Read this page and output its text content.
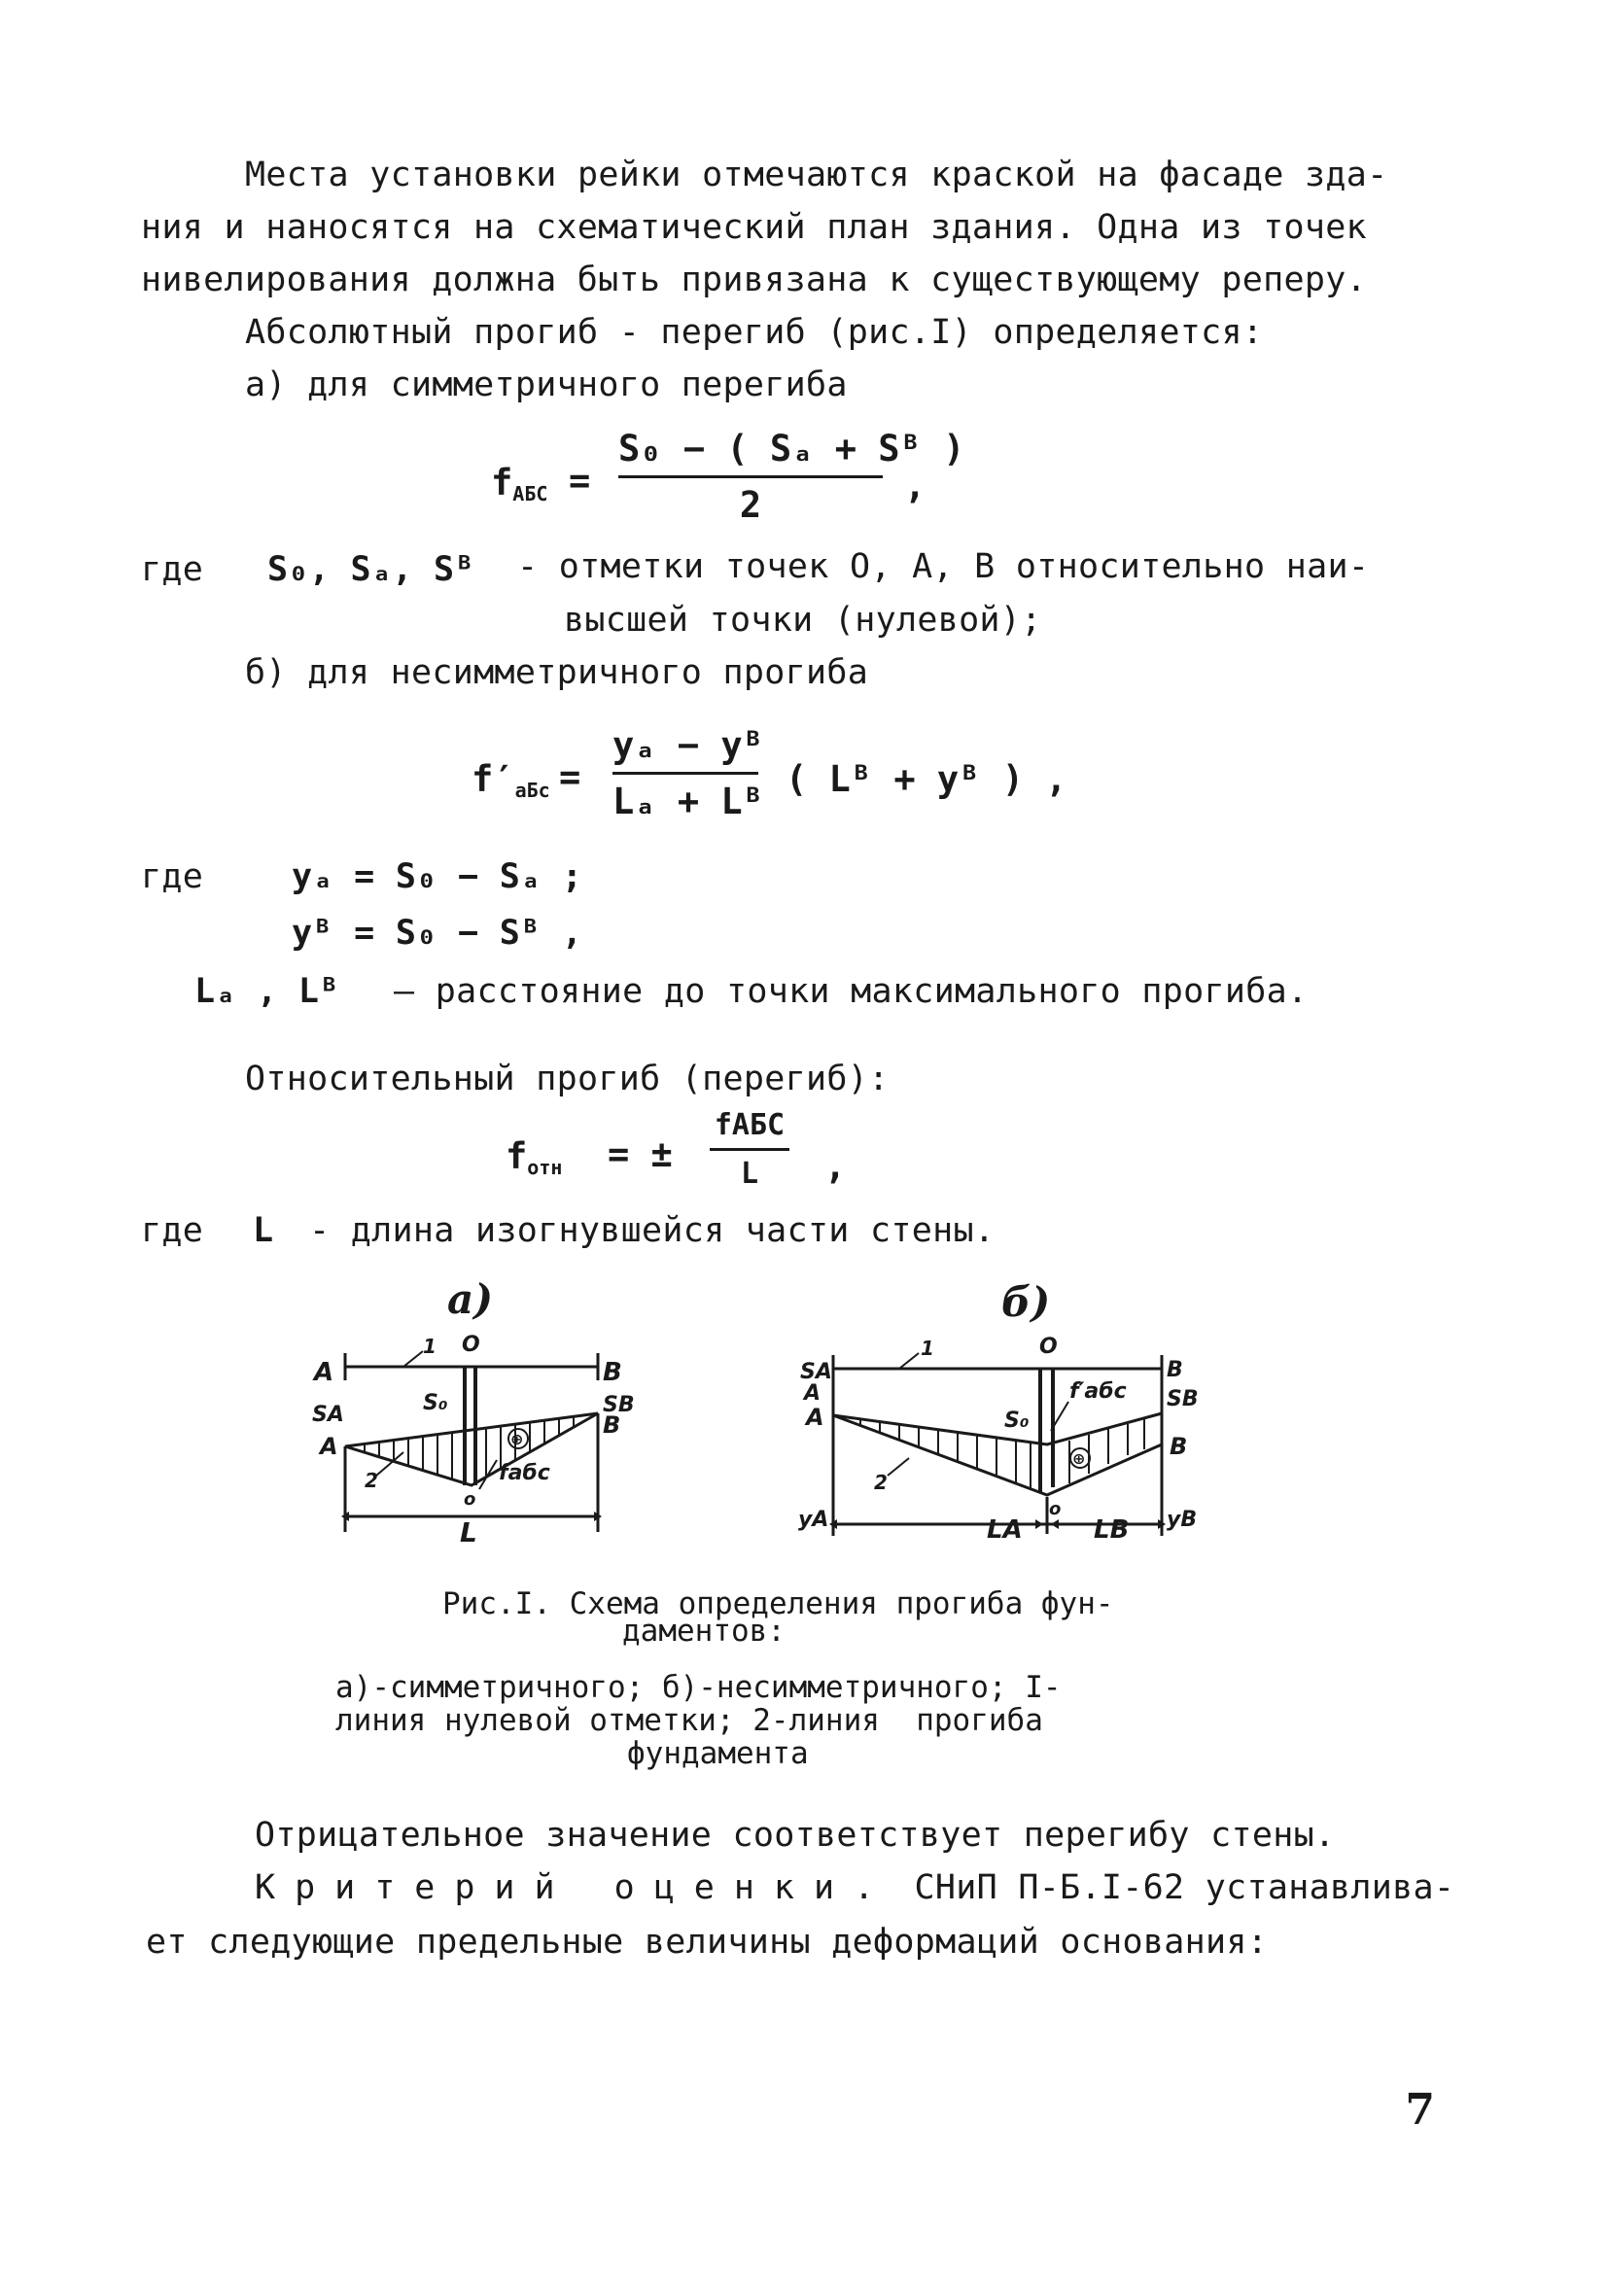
Места установки рейки отмечаются краской на фасаде зда-
ния и наносятся на схематический план здания. Одна из точек
нивелирования должна быть привязана к существующему реперу.
Абсолютный прогиб - перегиб (рис.I) определяется:
а) для симметричного перегиба
$f_{АБС} = \frac{\text{S₀ − ( Sₐ + Sᴮ )}}{2}$ ,
где S₀, Sₐ, Sᴮ - отметки точек O, A, B относительно наи-
высшей точки (нулевой);
б) для несимметричного прогиба
$f'_{аБс} = \frac{\text{yₐ − yᴮ}}{\text{Lₐ + Lᴮ}}$ ( Lᴮ + yᴮ ) ,
где	yₐ = S₀ − Sₐ ;
yᴮ = S₀ − Sᴮ ,
Lₐ , Lᴮ – расстояние до точки максимального прогиба.
Относительный прогиб (перегиб):
$f_{отн}$ = ±
fАБС
L	,
где L - длина изогнувшейся части стены.
а)	б)
A	B
O
1
SA	SB
S₀
A
B
2
o
⊕
fабс
L
SA
A
A
B
SB
B
1	O
2
S₀
f′абс
⊕
o
yA	yB
LA	LB
Рис.I. Схема определения прогиба фун-
даментов:
а)-симметричного; б)-несимметричного; I-
линия нулевой отметки; 2-линия  прогиба
фундамента
Отрицательное значение соответствует перегибу стены.
Критерий оценки. СНиП П-Б.I-62 устанавлива-
ет следующие предельные величины деформаций основания:
7
